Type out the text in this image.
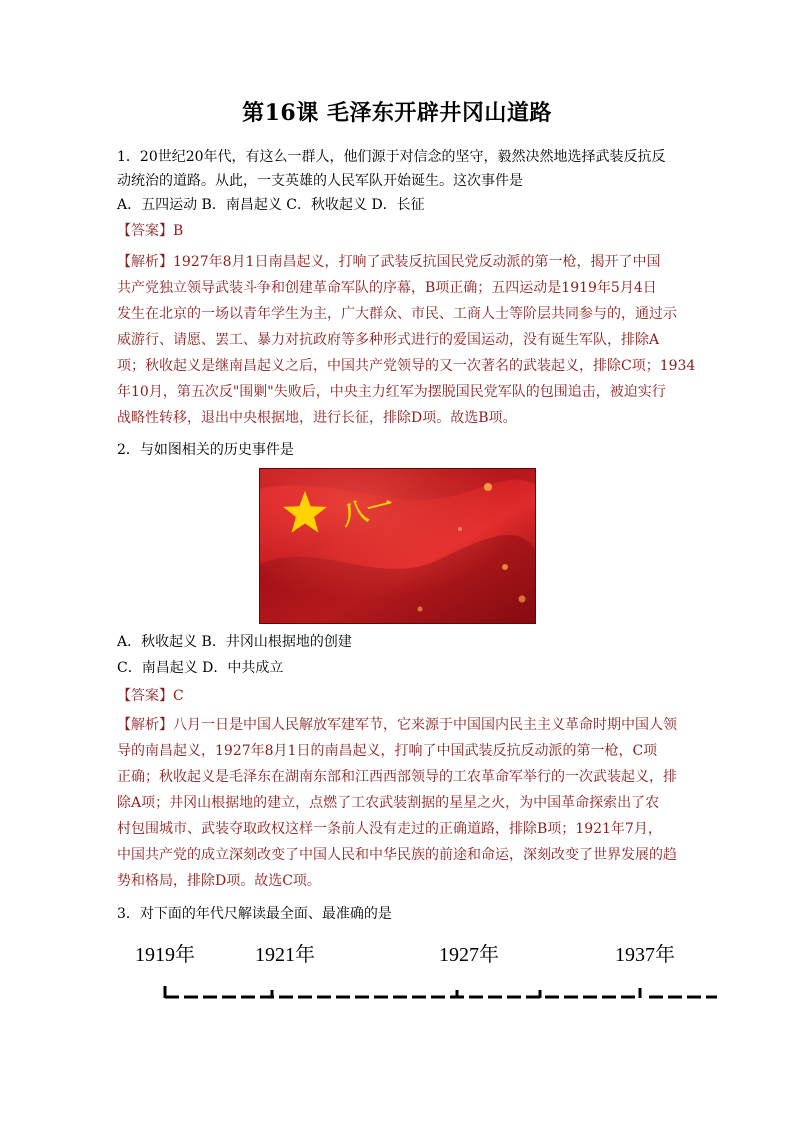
第16课 毛泽东开辟井冈山道路
1．20世纪20年代，有这么一群人，他们源于对信念的坚守，毅然决然地选择武装反抗反
动统治的道路。从此，一支英雄的人民军队开始诞生。这次事件是
A．五四运动 B．南昌起义 C．秋收起义 D．长征
【答案】B
【解析】1927年8月1日南昌起义，打响了武装反抗国民党反动派的第一枪，揭开了中国
共产党独立领导武装斗争和创建革命军队的序幕，B项正确；五四运动是1919年5月4日
发生在北京的一场以青年学生为主，广大群众、市民、工商人士等阶层共同参与的，通过示
威游行、请愿、罢工、暴力对抗政府等多种形式进行的爱国运动，没有诞生军队，排除A
项；秋收起义是继南昌起义之后，中国共产党领导的又一次著名的武装起义，排除C项；1934
年10月，第五次反"围剿"失败后，中央主力红军为摆脱国民党军队的包围追击，被迫实行
战略性转移，退出中央根据地，进行长征，排除D项。故选B项。
2．与如图相关的历史事件是
八一
A．秋收起义 B．井冈山根据地的创建
C．南昌起义 D．中共成立
【答案】C
【解析】八月一日是中国人民解放军建军节，它来源于中国国内民主主义革命时期中国人领
导的南昌起义，1927年8月1日的南昌起义，打响了中国武装反抗反动派的第一枪，C项
正确；秋收起义是毛泽东在湖南东部和江西西部领导的工农革命军举行的一次武装起义，排
除A项；井冈山根据地的建立，点燃了工农武装割据的星星之火，为中国革命探索出了农
村包围城市、武装夺取政权这样一条前人没有走过的正确道路，排除B项；1921年7月，
中国共产党的成立深刻改变了中国人民和中华民族的前途和命运，深刻改变了世界发展的趋
势和格局，排除D项。故选C项。
3．对下面的年代尺解读最全面、最准确的是
1919年	1921年	1927年	1937年
